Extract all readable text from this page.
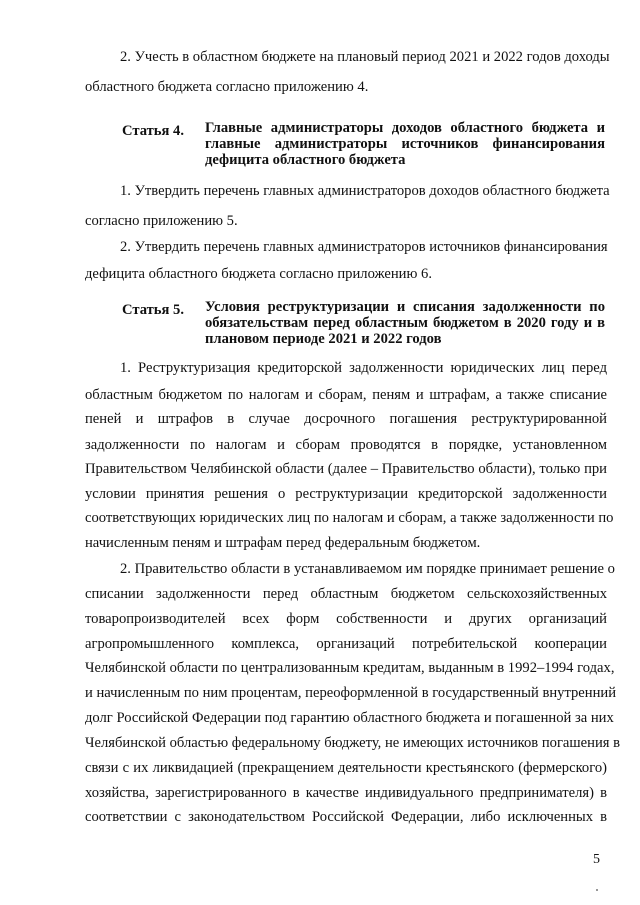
2. Учесть в областном бюджете на плановый период 2021 и 2022 годов доходы
областного бюджета согласно приложению 4.
Статья 4. Главные администраторы доходов областного бюджета и
главные администраторы источников финансирования
дефицита областного бюджета
1. Утвердить перечень главных администраторов доходов областного бюджета
согласно приложению 5.
2. Утвердить перечень главных администраторов источников финансирования
дефицита областного бюджета согласно приложению 6.
Статья 5. Условия реструктуризации и списания задолженности по
обязательствам перед областным бюджетом в 2020 году и в
плановом периоде 2021 и 2022 годов
1. Реструктуризация кредиторской задолженности юридических лиц перед
областным бюджетом по налогам и сборам, пеням и штрафам, а также списание
пеней и штрафов в случае досрочного погашения реструктурированной
задолженности по налогам и сборам проводятся в порядке, установленном
Правительством Челябинской области (далее – Правительство области), только при
условии принятия решения о реструктуризации кредиторской задолженности
соответствующих юридических лиц по налогам и сборам, а также задолженности по
начисленным пеням и штрафам перед федеральным бюджетом.
2. Правительство области в устанавливаемом им порядке принимает решение о
списании задолженности перед областным бюджетом сельскохозяйственных
товаропроизводителей всех форм собственности и других организаций
агропромышленного комплекса, организаций потребительской кооперации
Челябинской области по централизованным кредитам, выданным в 1992–1994 годах,
и начисленным по ним процентам, переоформленной в государственный внутренний
долг Российской Федерации под гарантию областного бюджета и погашенной за них
Челябинской областью федеральному бюджету, не имеющих источников погашения в
связи с их ликвидацией (прекращением деятельности крестьянского (фермерского)
хозяйства, зарегистрированного в качестве индивидуального предпринимателя) в
соответствии с законодательством Российской Федерации, либо исключенных в
5
